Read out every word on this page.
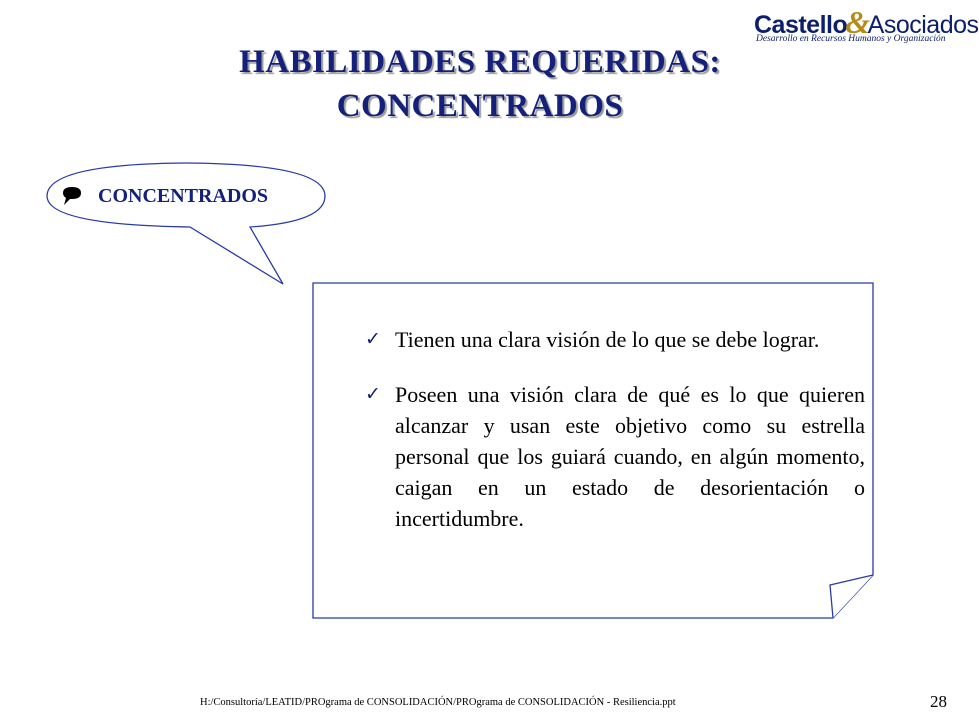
Castello&Asociados
Desarrollo en Recursos Humanos y Organización
HABILIDADES REQUERIDAS:
CONCENTRADOS
CONCENTRADOS
✓ Tienen una clara visión de lo que se debe lograr.
✓ Poseen una visión clara de qué es lo que quieren alcanzar y usan este objetivo como su estrella personal que los guiará cuando, en algún momento, caigan en un estado de desorientación o incertidumbre.
H:/Consultoría/LEATID/PROgrama de CONSOLIDACIÓN/PROgrama de CONSOLIDACIÓN - Resiliencia.ppt	28
